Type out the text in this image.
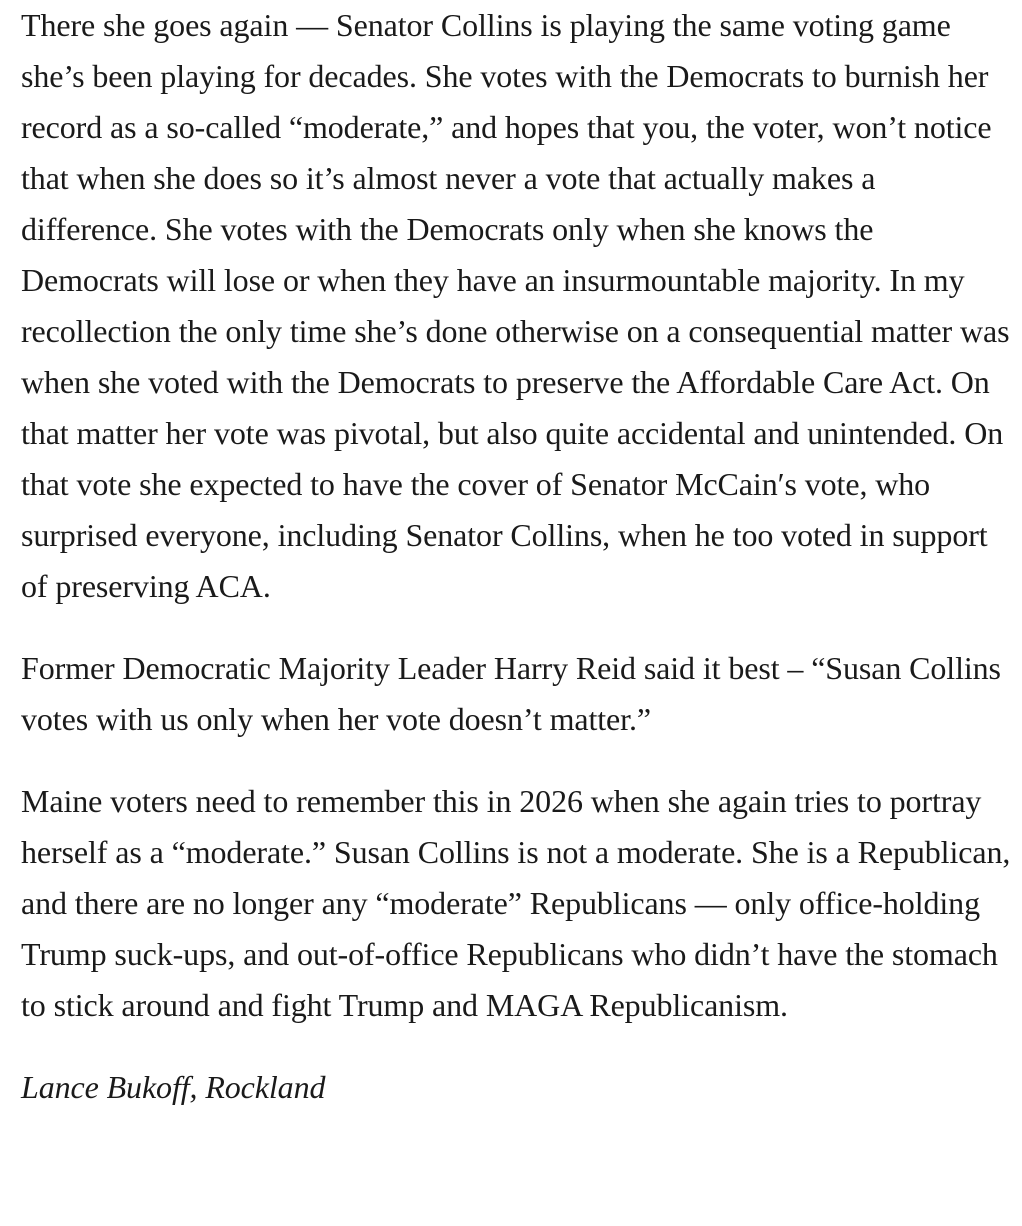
There she goes again — Senator Collins is playing the same voting game she’s been playing for decades. She votes with the Democrats to burnish her record as a so-called “moderate,” and hopes that you, the voter, won’t notice that when she does so it’s almost never a vote that actually makes a difference. She votes with the Democrats only when she knows the Democrats will lose or when they have an insurmountable majority. In my recollection the only time she’s done otherwise on a consequential matter was when she voted with the Democrats to preserve the Affordable Care Act. On that matter her vote was pivotal, but also quite accidental and unintended. On that vote she expected to have the cover of Senator McCain′s vote, who surprised everyone, including Senator Collins, when he too voted in support of preserving ACA.

Former Democratic Majority Leader Harry Reid said it best – “Susan Collins votes with us only when her vote doesn’t matter.”

Maine voters need to remember this in 2026 when she again tries to portray herself as a “moderate.” Susan Collins is not a moderate. She is a Republican, and there are no longer any “moderate” Republicans — only office-holding Trump suck-ups, and out-of-office Republicans who didn’t have the stomach to stick around and fight Trump and MAGA Republicanism.

Lance Bukoff, Rockland
